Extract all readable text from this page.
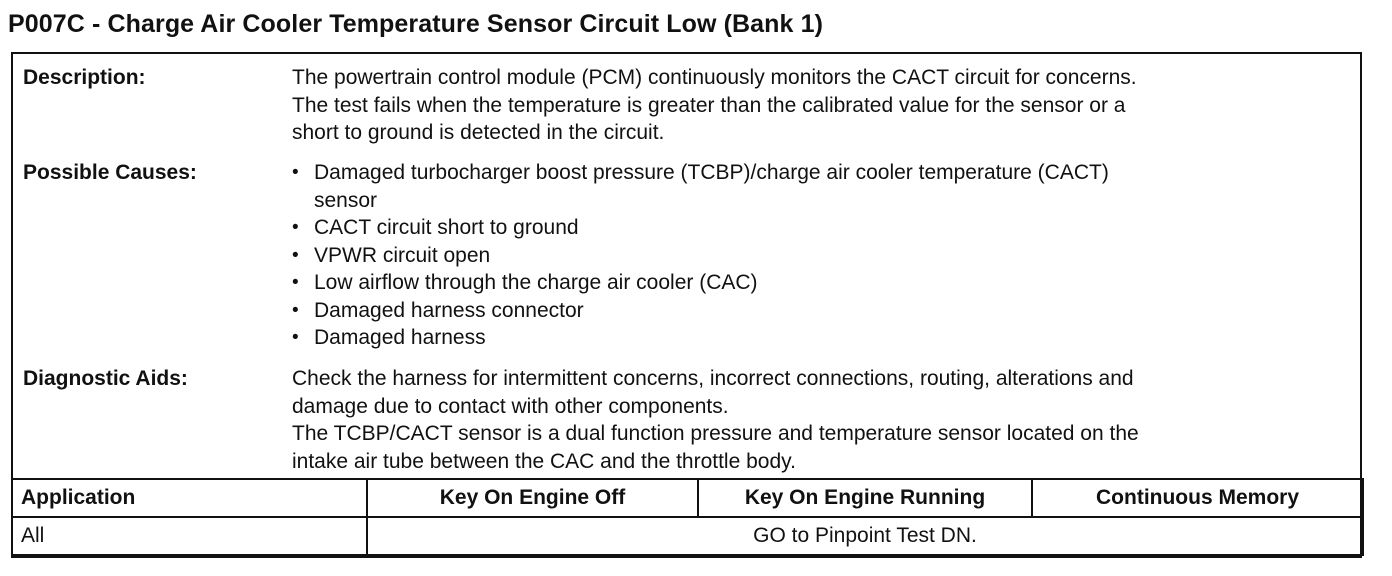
P007C - Charge Air Cooler Temperature Sensor Circuit Low (Bank 1)
Description:	The powertrain control module (PCM) continuously monitors the CACT circuit for concerns.
The test fails when the temperature is greater than the calibrated value for the sensor or a
short to ground is detected in the circuit.
Possible Causes:	• Damaged turbocharger boost pressure (TCBP)/charge air cooler temperature (CACT)
sensor
• CACT circuit short to ground
• VPWR circuit open
• Low airflow through the charge air cooler (CAC)
• Damaged harness connector
• Damaged harness
Diagnostic Aids:	Check the harness for intermittent concerns, incorrect connections, routing, alterations and
damage due to contact with other components.
The TCBP/CACT sensor is a dual function pressure and temperature sensor located on the
intake air tube between the CAC and the throttle body.
Application	Key On Engine Off	Key On Engine Running	Continuous Memory
All	GO to Pinpoint Test DN.		
